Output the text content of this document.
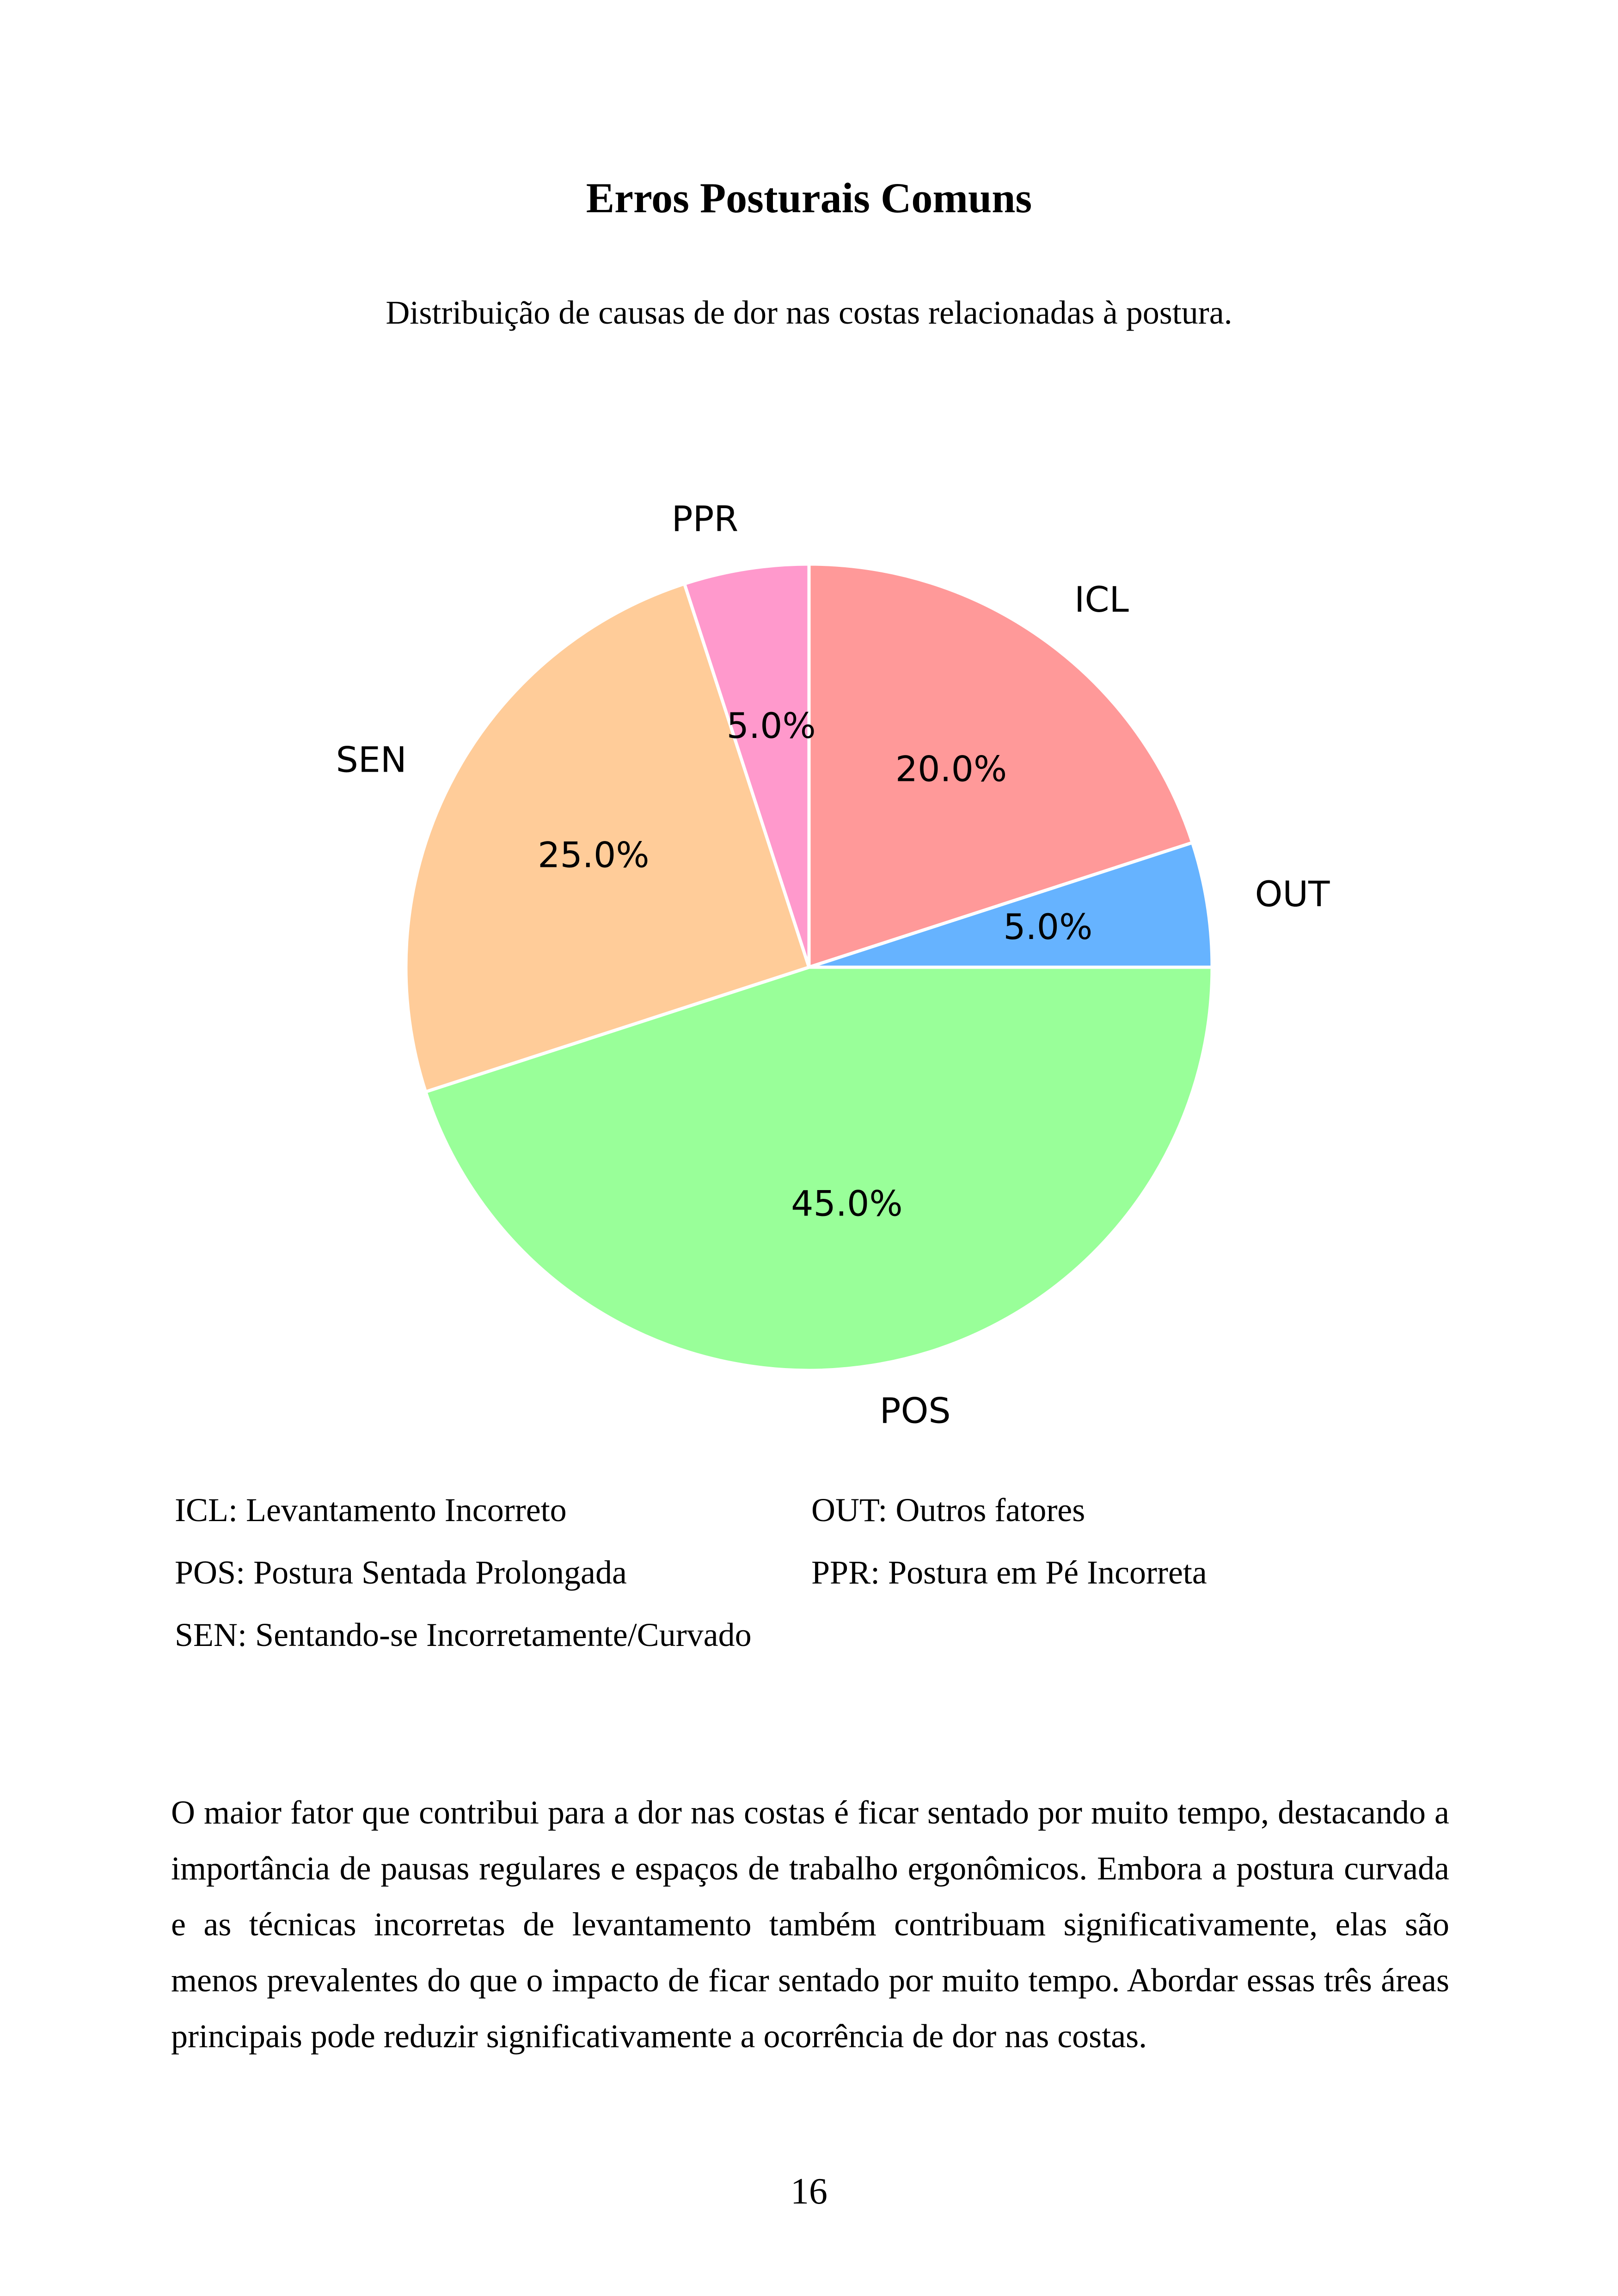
Erros Posturais Comuns
Distribuição de causas de dor nas costas relacionadas à postura.
ICL
20.0%
OUT
5.0%
POS
45.0%
SEN
25.0%
PPR
5.0%
ICL: Levantamento Incorreto	OUT: Outros fatores
POS: Postura Sentada Prolongada	PPR: Postura em Pé Incorreta
SEN: Sentando-se Incorretamente/Curvado
O maior fator que contribui para a dor nas costas é ficar sentado por muito tempo, destacando a importância de pausas regulares e espaços de trabalho ergonômicos. Embora a postura curvada e as técnicas incorretas de levantamento também contribuam significativamente, elas são menos prevalentes do que o impacto de ficar sentado por muito tempo. Abordar essas três áreas principais pode reduzir significativamente a ocorrência de dor nas costas.
16
